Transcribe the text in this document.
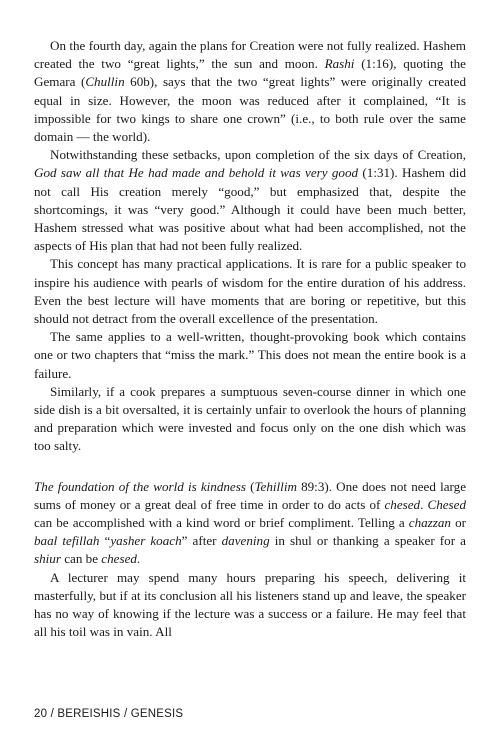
On the fourth day, again the plans for Creation were not fully realized. Hashem created the two “great lights,” the sun and moon. Rashi (1:16), quoting the Gemara (Chullin 60b), says that the two “great lights” were originally created equal in size. However, the moon was reduced after it complained, “It is impossible for two kings to share one crown” (i.e., to both rule over the same domain — the world).

Notwithstanding these setbacks, upon completion of the six days of Creation, God saw all that He had made and behold it was very good (1:31). Hashem did not call His creation merely “good,” but emphasized that, despite the shortcomings, it was “very good.” Although it could have been much better, Hashem stressed what was positive about what had been accomplished, not the aspects of His plan that had not been fully realized.

This concept has many practical applications. It is rare for a public speaker to inspire his audience with pearls of wisdom for the entire duration of his address. Even the best lecture will have moments that are boring or repetitive, but this should not detract from the overall excellence of the presentation.

The same applies to a well-written, thought-provoking book which contains one or two chapters that “miss the mark.” This does not mean the entire book is a failure.

Similarly, if a cook prepares a sumptuous seven-course dinner in which one side dish is a bit oversalted, it is certainly unfair to overlook the hours of planning and preparation which were invested and focus only on the one dish which was too salty.

The foundation of the world is kindness (Tehillim 89:3). One does not need large sums of money or a great deal of free time in order to do acts of chesed. Chesed can be accomplished with a kind word or brief compliment. Telling a chazzan or baal tefillah “yasher koach” after davening in shul or thanking a speaker for a shiur can be chesed.

A lecturer may spend many hours preparing his speech, delivering it masterfully, but if at its conclusion all his listeners stand up and leave, the speaker has no way of knowing if the lecture was a success or a failure. He may feel that all his toil was in vain. All

20 / BEREISHIS / GENESIS
